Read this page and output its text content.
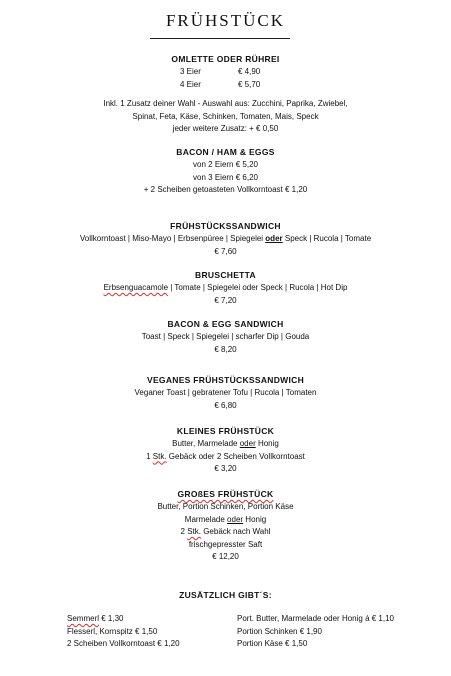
FRÜHSTÜCK
OMLETTE ODER RÜHREI
3 Eier	€ 4,90
4 Eier	€ 5,70
Inkl. 1 Zusatz deiner Wahl - Auswahl aus: Zucchini, Paprika, Zwiebel,
Spinat, Feta, Käse, Schinken, Tomaten, Mais, Speck
jeder weitere Zusatz: + € 0,50
BACON / HAM & EGGS
von 2 Eiern € 5,20
von 3 Eiern € 6,20
+ 2 Scheiben getoasteten Vollkorntoast € 1,20
FRÜHSTÜCKSSANDWICH
Vollkorntoast | Miso-Mayo | Erbsenpüree | Spiegelei oder Speck | Rucola | Tomate
€ 7,60
BRUSCHETTA
Erbsenguacamole | Tomate | Spiegelei oder Speck | Rucola | Hot Dip
€ 7,20
BACON & EGG SANDWICH
Toast | Speck | Spiegelei | scharfer Dip | Gouda
€ 8,20
VEGANES FRÜHSTÜCKSSANDWICH
Veganer Toast | gebratener Tofu | Rucola | Tomaten
€ 6,80
KLEINES FRÜHSTÜCK
Butter, Marmelade oder Honig
1 Stk. Gebäck oder 2 Scheiben Vollkorntoast
€ 3,20
GROßES FRÜHSTÜCK
Butter, Portion Schinken, Portion Käse
Marmelade oder Honig
2 Stk. Gebäck nach Wahl
frischgepresster Saft
€ 12,20
ZUSÄTZLICH GIBT´S:
Semmerl € 1,30
Flesserl, Kornspitz € 1,50
2 Scheiben Vollkorntoast € 1,20
Port. Butter, Marmelade oder Honig á € 1,10
Portion Schinken € 1,90
Portion Käse € 1,50
